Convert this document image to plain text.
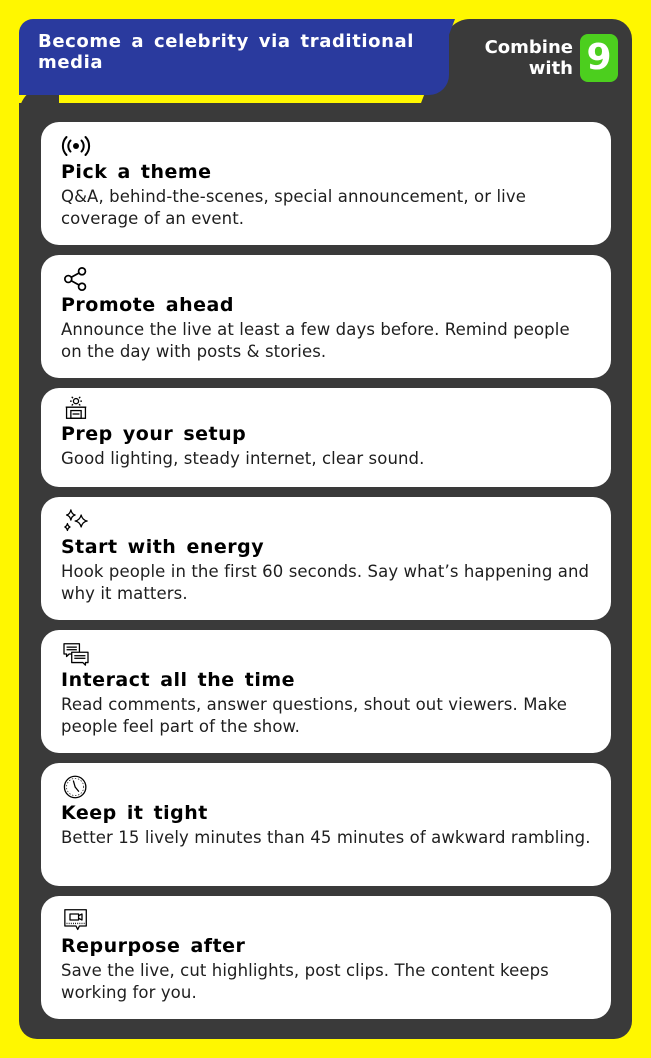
Become a celebrity via traditional media
Combine with 9
Pick a theme
Q&A, behind-the-scenes, special announcement, or live coverage of an event.
Promote ahead
Announce the live at least a few days before. Remind people on the day with posts & stories.
Prep your setup
Good lighting, steady internet, clear sound.
Start with energy
Hook people in the first 60 seconds. Say what’s happening and why it matters.
Interact all the time
Read comments, answer questions, shout out viewers. Make people feel part of the show.
Keep it tight
Better 15 lively minutes than 45 minutes of awkward rambling.
Repurpose after
Save the live, cut highlights, post clips. The content keeps working for you.
